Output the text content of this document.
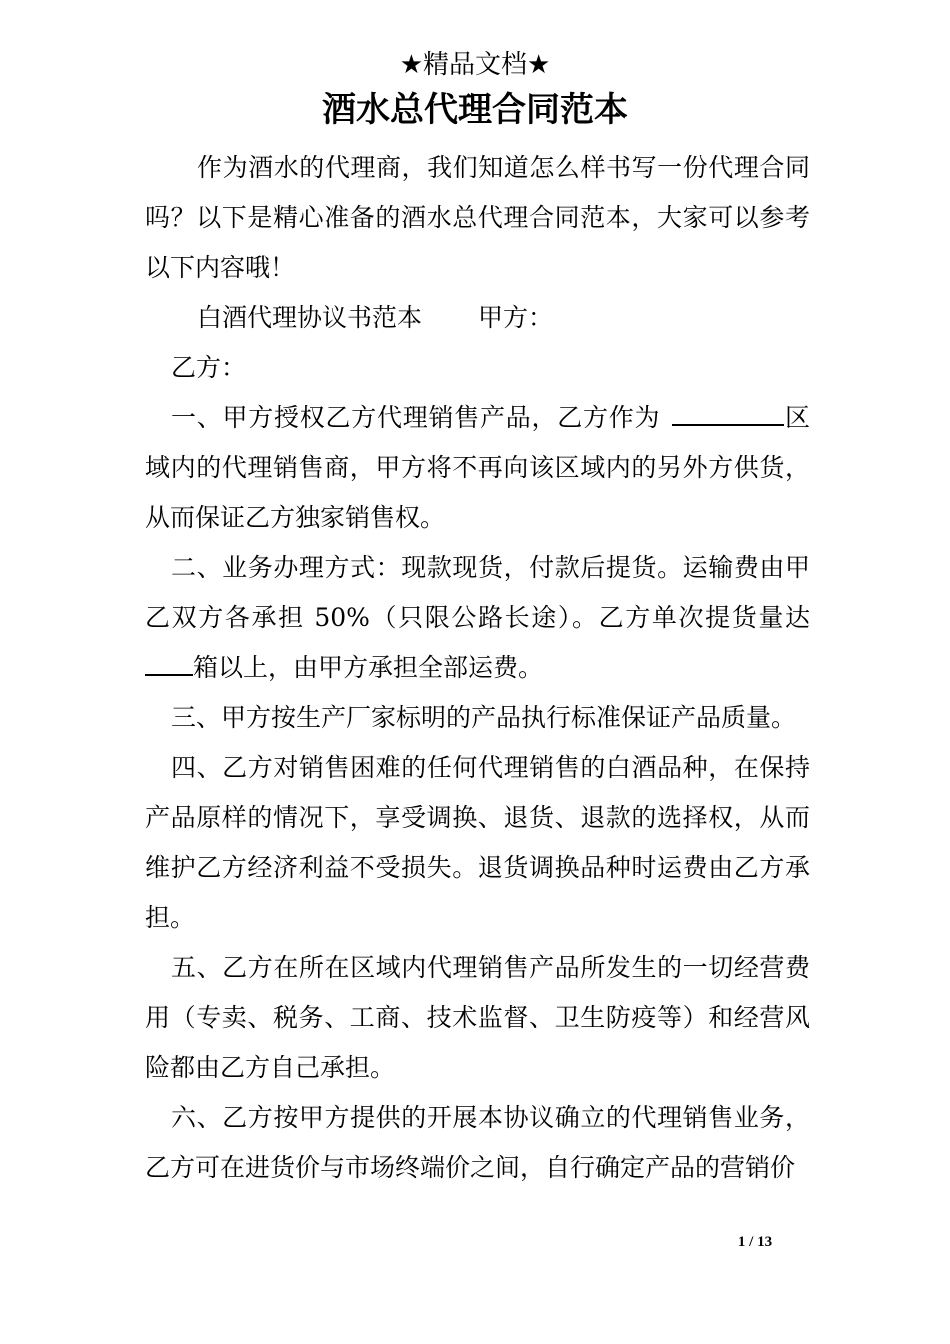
★精品文档★
酒水总代理合同范本

作为酒水的代理商，我们知道怎么样书写一份代理合同吗？以下是精心准备的酒水总代理合同范本，大家可以参考以下内容哦！

白酒代理协议书范本 甲方：

乙方：

一、甲方授权乙方代理销售产品，乙方作为	区域内的代理销售商，甲方将不再向该区域内的另外方供货，从而保证乙方独家销售权。

二、业务办理方式：现款现货，付款后提货。运输费由甲乙双方各承担 50%（只限公路长途）。乙方单次提货量达箱以上，由甲方承担全部运费。

三、甲方按生产厂家标明的产品执行标准保证产品质量。

四、乙方对销售困难的任何代理销售的白酒品种，在保持产品原样的情况下，享受调换、退货、退款的选择权，从而维护乙方经济利益不受损失。退货调换品种时运费由乙方承担。

五、乙方在所在区域内代理销售产品所发生的一切经营费用（专卖、税务、工商、技术监督、卫生防疫等）和经营风险都由乙方自己承担。

六、乙方按甲方提供的开展本协议确立的代理销售业务，乙方可在进货价与市场终端价之间，自行确定产品的营销价

1 / 13
